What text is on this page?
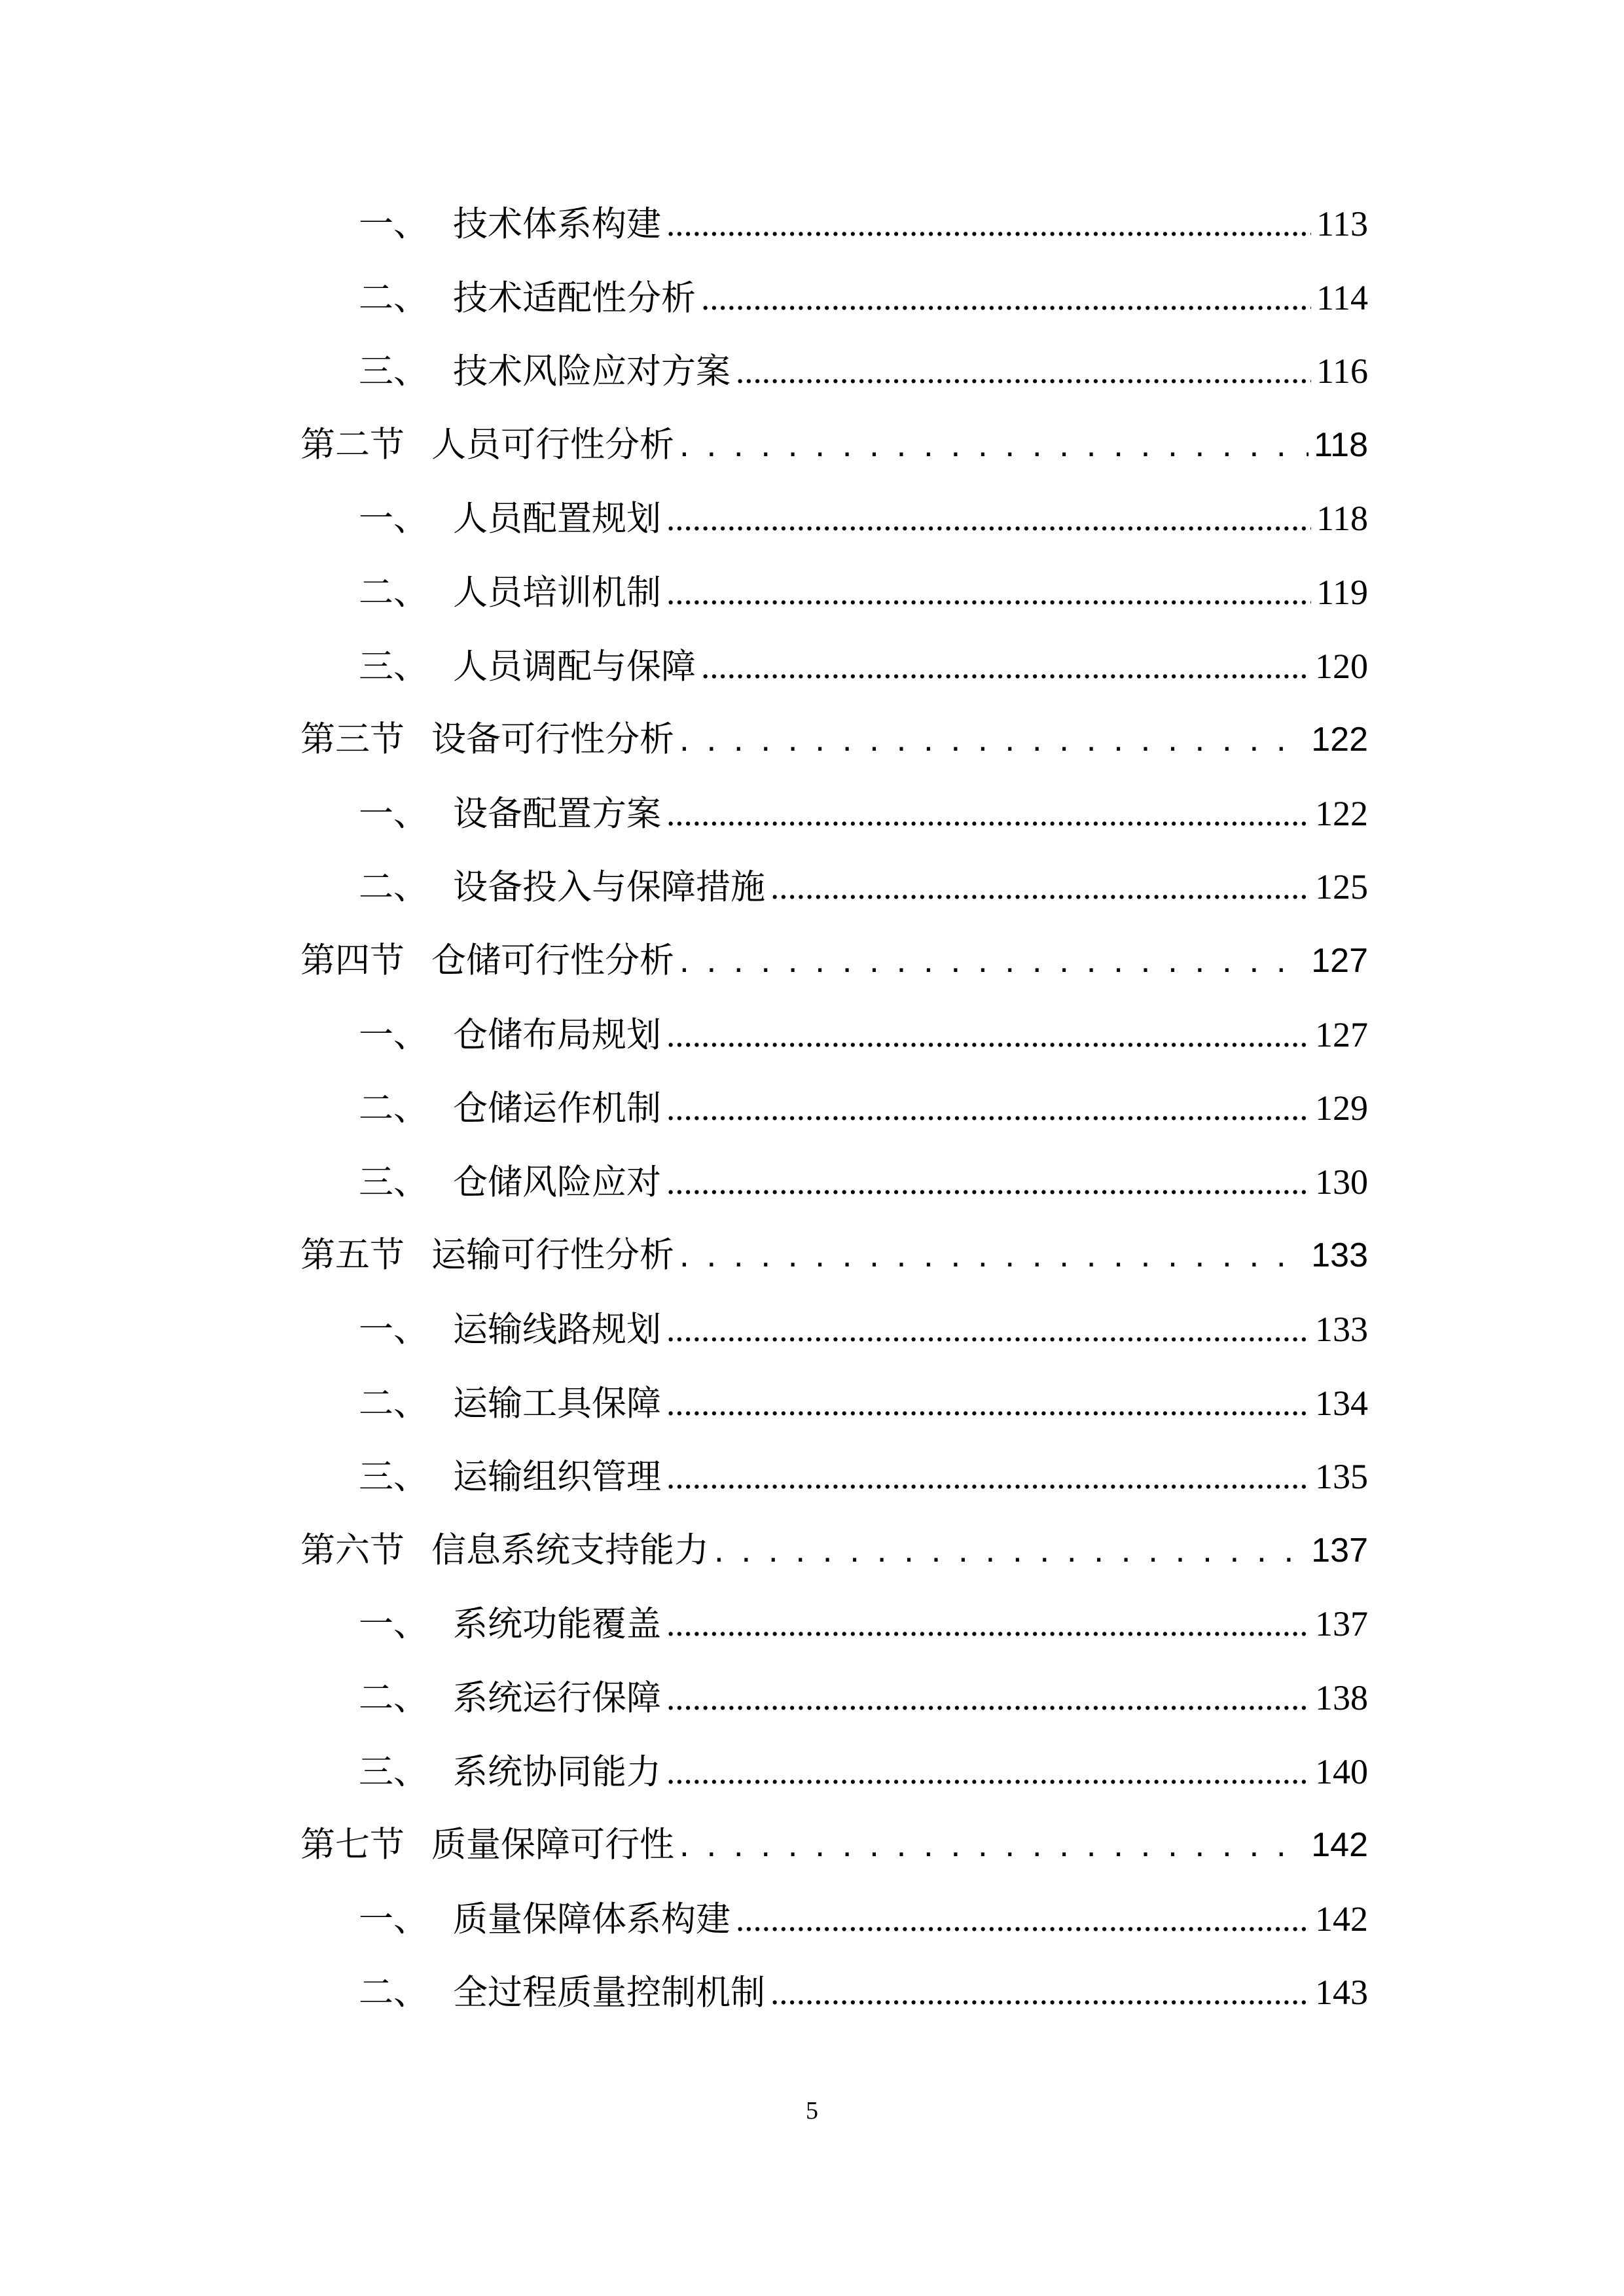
一、 技术体系构建 .....	113
二、 技术适配性分析 .....	114
三、 技术风险应对方案 .....	116
第二节 人员可行性分析 . . .	118
一、 人员配置规划 .....	118
二、 人员培训机制 .....	119
三、 人员调配与保障 .....	120
第三节 设备可行性分析 . . .	122
一、 设备配置方案 .....	122
二、 设备投入与保障措施 .....	125
第四节 仓储可行性分析 . . .	127
一、 仓储布局规划 .....	127
二、 仓储运作机制 .....	129
三、 仓储风险应对 .....	130
第五节 运输可行性分析 . . .	133
一、 运输线路规划 .....	133
二、 运输工具保障 .....	134
三、 运输组织管理 .....	135
第六节 信息系统支持能力 . . .	137
一、 系统功能覆盖 .....	137
二、 系统运行保障 .....	138
三、 系统协同能力 .....	140
第七节 质量保障可行性 . . .	142
一、 质量保障体系构建 .....	142
二、 全过程质量控制机制 .....	143
5
